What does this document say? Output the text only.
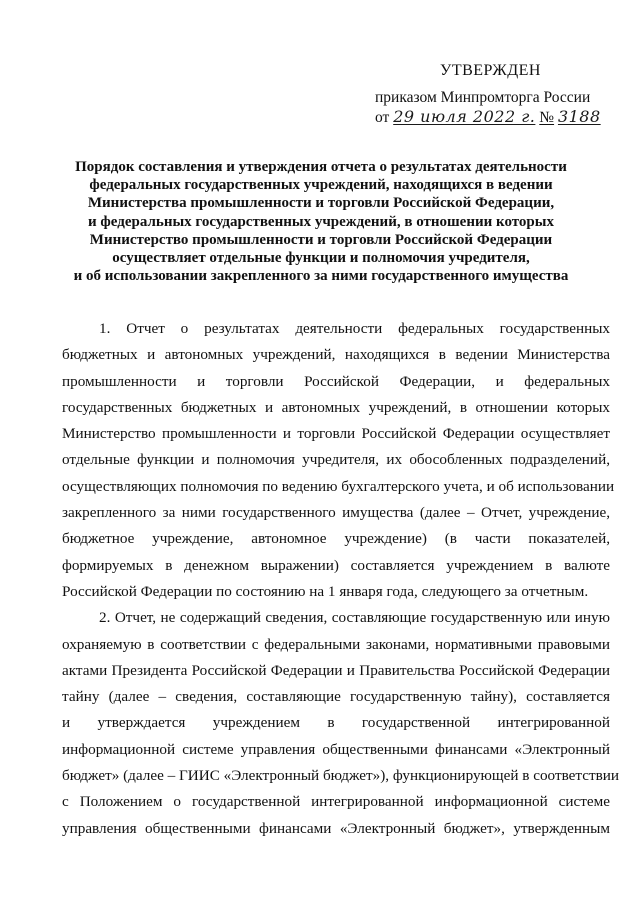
УТВЕРЖДЕН
приказом Минпромторга России
от 29 июля 2022 г. № 3188
Порядок составления и утверждения отчета о результатах деятельности
федеральных государственных учреждений, находящихся в ведении
Министерства промышленности и торговли Российской Федерации,
и федеральных государственных учреждений, в отношении которых
Министерство промышленности и торговли Российской Федерации
осуществляет отдельные функции и полномочия учредителя,
и об использовании закрепленного за ними государственного имущества
1. Отчет о результатах деятельности федеральных государственных
бюджетных и автономных учреждений, находящихся в ведении Министерства
промышленности и торговли Российской Федерации, и федеральных
государственных бюджетных и автономных учреждений, в отношении которых
Министерство промышленности и торговли Российской Федерации осуществляет
отдельные функции и полномочия учредителя, их обособленных подразделений,
осуществляющих полномочия по ведению бухгалтерского учета, и об использовании
закрепленного за ними государственного имущества (далее – Отчет, учреждение,
бюджетное учреждение, автономное учреждение) (в части показателей,
формируемых в денежном выражении) составляется учреждением в валюте
Российской Федерации по состоянию на 1 января года, следующего за отчетным.
2. Отчет, не содержащий сведения, составляющие государственную или иную
охраняемую в соответствии с федеральными законами, нормативными правовыми
актами Президента Российской Федерации и Правительства Российской Федерации
тайну (далее – сведения, составляющие государственную тайну), составляется
и утверждается учреждением в государственной интегрированной
информационной системе управления общественными финансами «Электронный
бюджет» (далее – ГИИС «Электронный бюджет»), функционирующей в соответствии
с Положением о государственной интегрированной информационной системе
управления общественными финансами «Электронный бюджет», утвержденным
